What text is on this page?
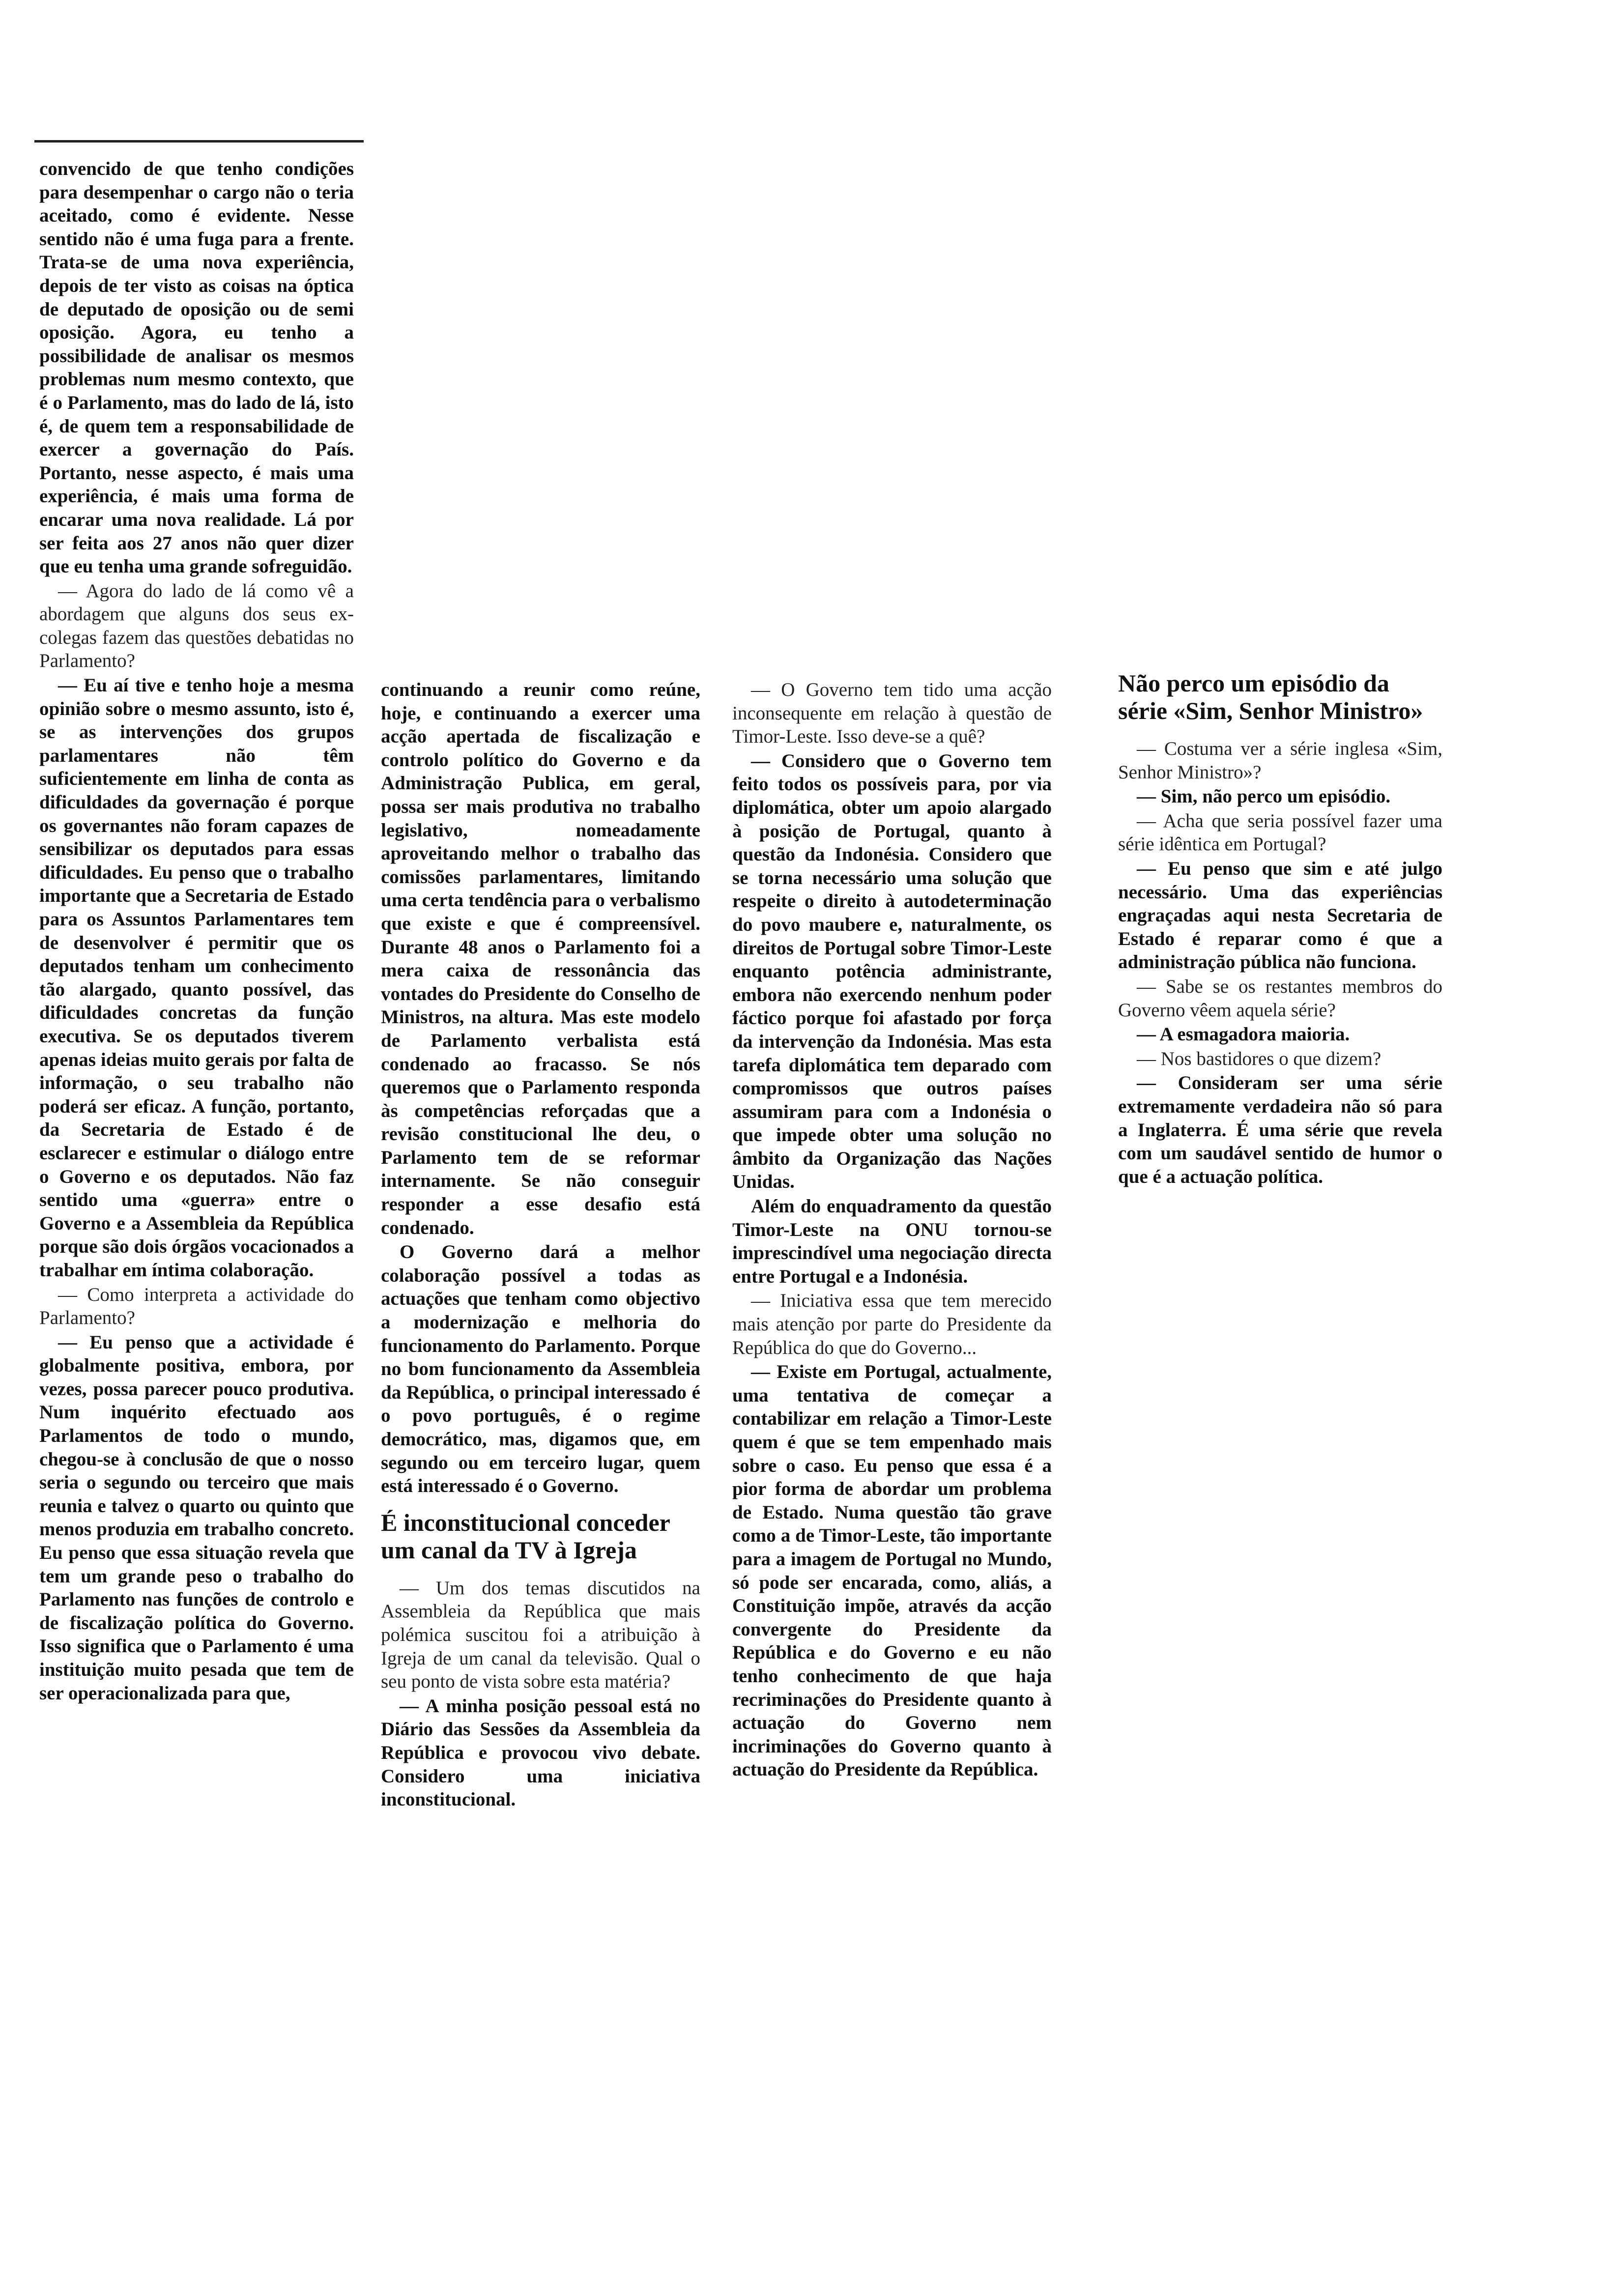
convencido de que tenho condições para desempenhar o cargo não o teria aceitado, como é evidente. Nesse sentido não é uma fuga para a frente. Trata-se de uma nova experiência, depois de ter visto as coisas na óptica de deputado de oposição ou de semi oposição. Agora, eu tenho a possibilidade de analisar os mesmos problemas num mesmo contexto, que é o Parlamento, mas do lado de lá, isto é, de quem tem a responsabilidade de exercer a governação do País. Portanto, nesse aspecto, é mais uma experiência, é mais uma forma de encarar uma nova realidade. Lá por ser feita aos 27 anos não quer dizer que eu tenha uma grande sofreguidão.

— Agora do lado de lá como vê a abordagem que alguns dos seus ex-colegas fazem das questões debatidas no Parlamento?

— Eu aí tive e tenho hoje a mesma opinião sobre o mesmo assunto, isto é, se as intervenções dos grupos parlamentares não têm suficientemente em linha de conta as dificuldades da governação é porque os governantes não foram capazes de sensibilizar os deputados para essas dificuldades. Eu penso que o trabalho importante que a Secretaria de Estado para os Assuntos Parlamentares tem de desenvolver é permitir que os deputados tenham um conhecimento tão alargado, quanto possível, das dificuldades concretas da função executiva. Se os deputados tiverem apenas ideias muito gerais por falta de informação, o seu trabalho não poderá ser eficaz. A função, portanto, da Secretaria de Estado é de esclarecer e estimular o diálogo entre o Governo e os deputados. Não faz sentido uma «guerra» entre o Governo e a Assembleia da República porque são dois órgãos vocacionados a trabalhar em íntima colaboração.

— Como interpreta a actividade do Parlamento?

— Eu penso que a actividade é globalmente positiva, embora, por vezes, possa parecer pouco produtiva. Num inquérito efectuado aos Parlamentos de todo o mundo, chegou-se à conclusão de que o nosso seria o segundo ou terceiro que mais reunia e talvez o quarto ou quinto que menos produzia em trabalho concreto. Eu penso que essa situação revela que tem um grande peso o trabalho do Parlamento nas funções de controlo e de fiscalização política do Governo. Isso significa que o Parlamento é uma instituição muito pesada que tem de ser operacionalizada para que,

continuando a reunir como reúne, hoje, e continuando a exercer uma acção apertada de fiscalização e controlo político do Governo e da Administração Publica, em geral, possa ser mais produtiva no trabalho legislativo, nomeadamente aproveitando melhor o trabalho das comissões parlamentares, limitando uma certa tendência para o verbalismo que existe e que é compreensível. Durante 48 anos o Parlamento foi a mera caixa de ressonância das vontades do Presidente do Conselho de Ministros, na altura. Mas este modelo de Parlamento verbalista está condenado ao fracasso. Se nós queremos que o Parlamento responda às competências reforçadas que a revisão constitucional lhe deu, o Parlamento tem de se reformar internamente. Se não conseguir responder a esse desafio está condenado.

O Governo dará a melhor colaboração possível a todas as actuações que tenham como objectivo a modernização e melhoria do funcionamento do Parlamento. Porque no bom funcionamento da Assembleia da República, o principal interessado é o povo português, é o regime democrático, mas, digamos que, em segundo ou em terceiro lugar, quem está interessado é o Governo.

É inconstitucional conceder um canal da TV à Igreja

— Um dos temas discutidos na Assembleia da República que mais polémica suscitou foi a atribuição à Igreja de um canal da televisão. Qual o seu ponto de vista sobre esta matéria?

— A minha posição pessoal está no Diário das Sessões da Assembleia da República e provocou vivo debate. Considero uma iniciativa inconstitucional.

— O Governo tem tido uma acção inconsequente em relação à questão de Timor-Leste. Isso deve-se a quê?

— Considero que o Governo tem feito todos os possíveis para, por via diplomática, obter um apoio alargado à posição de Portugal, quanto à questão da Indonésia. Considero que se torna necessário uma solução que respeite o direito à autodeterminação do povo maubere e, naturalmente, os direitos de Portugal sobre Timor-Leste enquanto potência administrante, embora não exercendo nenhum poder fáctico porque foi afastado por força da intervenção da Indonésia. Mas esta tarefa diplomática tem deparado com compromissos que outros países assumiram para com a Indonésia o que impede obter uma solução no âmbito da Organização das Nações Unidas.

Além do enquadramento da questão Timor-Leste na ONU tornou-se imprescindível uma negociação directa entre Portugal e a Indonésia.

— Iniciativa essa que tem merecido mais atenção por parte do Presidente da República do que do Governo...

— Existe em Portugal, actualmente, uma tentativa de começar a contabilizar em relação a Timor-Leste quem é que se tem empenhado mais sobre o caso. Eu penso que essa é a pior forma de abordar um problema de Estado. Numa questão tão grave como a de Timor-Leste, tão importante para a imagem de Portugal no Mundo, só pode ser encarada, como, aliás, a Constituição impõe, através da acção convergente do Presidente da República e do Governo e eu não tenho conhecimento de que haja recriminações do Presidente quanto à actuação do Governo nem incriminações do Governo quanto à actuação do Presidente da República.

Não perco um episódio da série «Sim, Senhor Ministro»

— Costuma ver a série inglesa «Sim, Senhor Ministro»?

— Sim, não perco um episódio.

— Acha que seria possível fazer uma série idêntica em Portugal?

— Eu penso que sim e até julgo necessário. Uma das experiências engraçadas aqui nesta Secretaria de Estado é reparar como é que a administração pública não funciona.

— Sabe se os restantes membros do Governo vêem aquela série?

— A esmagadora maioria.

— Nos bastidores o que dizem?

— Consideram ser uma série extremamente verdadeira não só para a Inglaterra. É uma série que revela com um saudável sentido de humor o que é a actuação política.
